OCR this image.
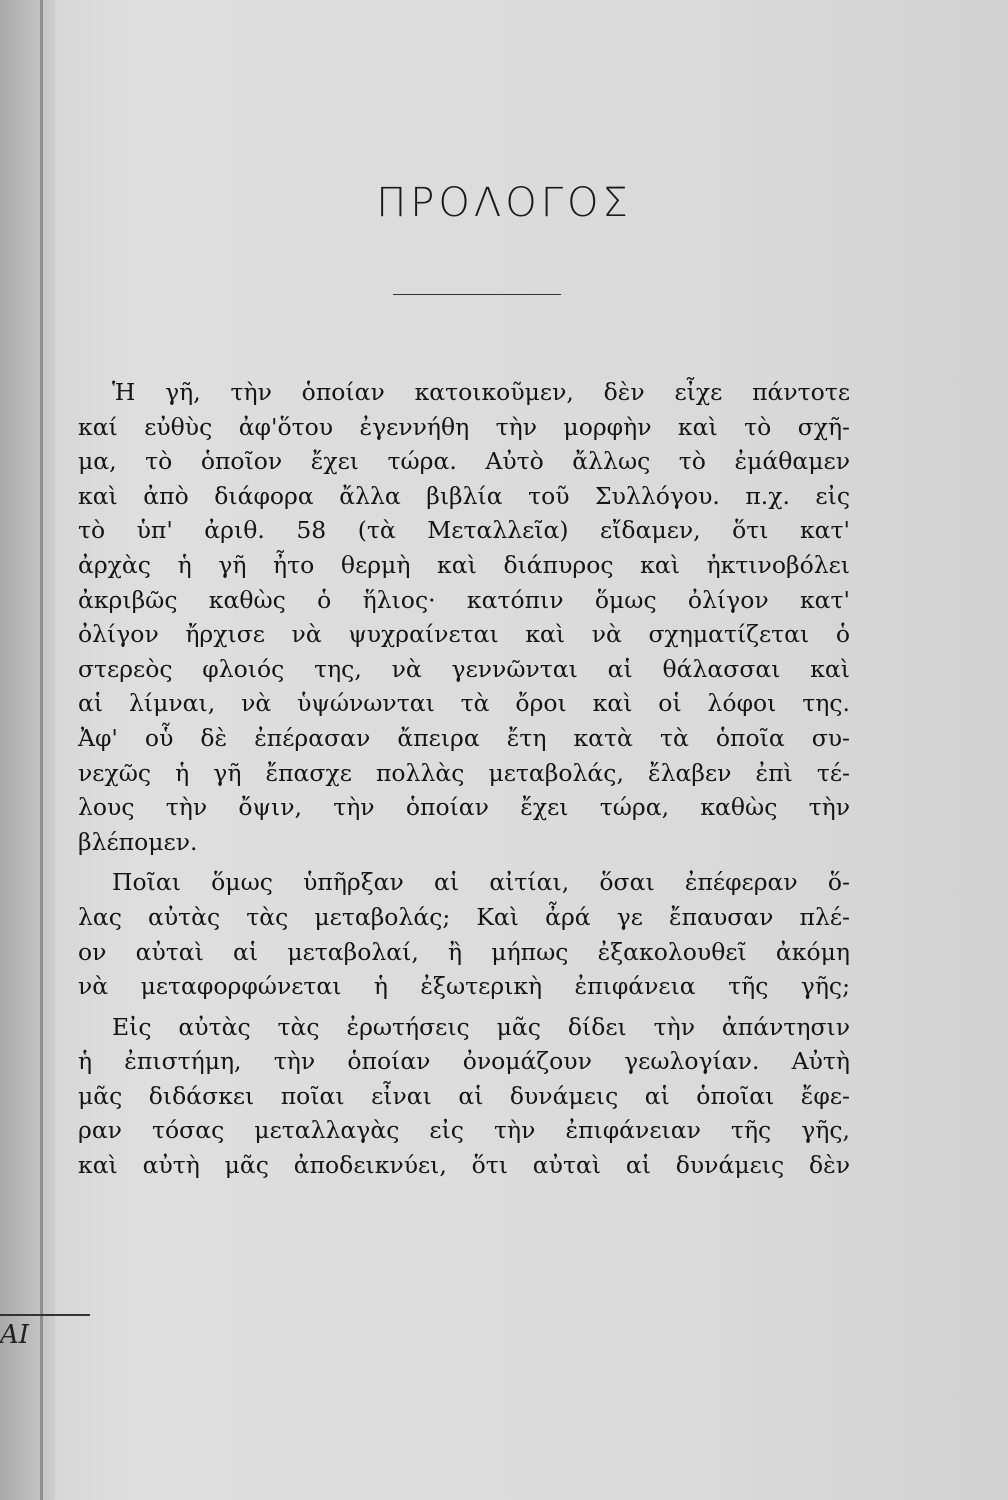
AI
ΠΡΟΛΟΓΟΣ
Ἡ γῆ, τὴν ὁποίαν κατοικοῦμεν, δὲν εἶχε πάντοτε
καί εὐθὺς ἀφ'ὅτου ἐγεννήθη τὴν μορφὴν καὶ τὸ σχῆ-
μα, τὸ ὁποῖον ἔχει τώρα. Αὐτὸ ἄλλως τὸ ἐμάθαμεν
καὶ ἀπὸ διάφορα ἄλλα βιβλία τοῦ Συλλόγου. π.χ. εἰς
τὸ ὑπ' ἀριθ. 58 (τὰ Μεταλλεῖα) εἴδαμεν, ὅτι κατ'
ἀρχὰς ἡ γῆ ἦτο θερμὴ καὶ διάπυρος καὶ ἠκτινοβόλει
ἀκριβῶς καθὼς ὁ ἥλιος· κατόπιν ὅμως ὀλίγον κατ'
ὀλίγον ἤρχισε νὰ ψυχραίνεται καὶ νὰ σχηματίζεται ὁ
στερεὸς φλοιός της, νὰ γεννῶνται αἱ θάλασσαι καὶ
αἱ λίμναι, νὰ ὑψώνωνται τὰ ὄροι καὶ οἱ λόφοι της.
Ἀφ' οὗ δὲ ἐπέρασαν ἄπειρα ἔτη κατὰ τὰ ὁποῖα συ-
νεχῶς ἡ γῆ ἔπασχε πολλὰς μεταβολάς, ἔλαβεν ἐπὶ τέ-
λους τὴν ὄψιν, τὴν ὁποίαν ἔχει τώρα, καθὼς τὴν
βλέπομεν.
Ποῖαι ὅμως ὑπῆρξαν αἱ αἰτίαι, ὅσαι ἐπέφεραν ὅ-
λας αὐτὰς τὰς μεταβολάς; Καὶ ἆρά γε ἔπαυσαν πλέ-
ον αὐταὶ αἱ μεταβολαί, ἢ μήπως ἐξακολουθεῖ ἀκόμη
νὰ μεταφορφώνεται ἡ ἐξωτερικὴ ἐπιφάνεια τῆς γῆς;
Εἰς αὐτὰς τὰς ἐρωτήσεις μᾶς δίδει τὴν ἀπάντησιν
ἡ ἐπιστήμη, τὴν ὁποίαν ὀνομάζουν γεωλογίαν. Αὐτὴ
μᾶς διδάσκει ποῖαι εἶναι αἱ δυνάμεις αἱ ὁποῖαι ἔφε-
ραν τόσας μεταλλαγὰς εἰς τὴν ἐπιφάνειαν τῆς γῆς,
καὶ αὐτὴ μᾶς ἀποδεικνύει, ὅτι αὐταὶ αἱ δυνάμεις δὲν
